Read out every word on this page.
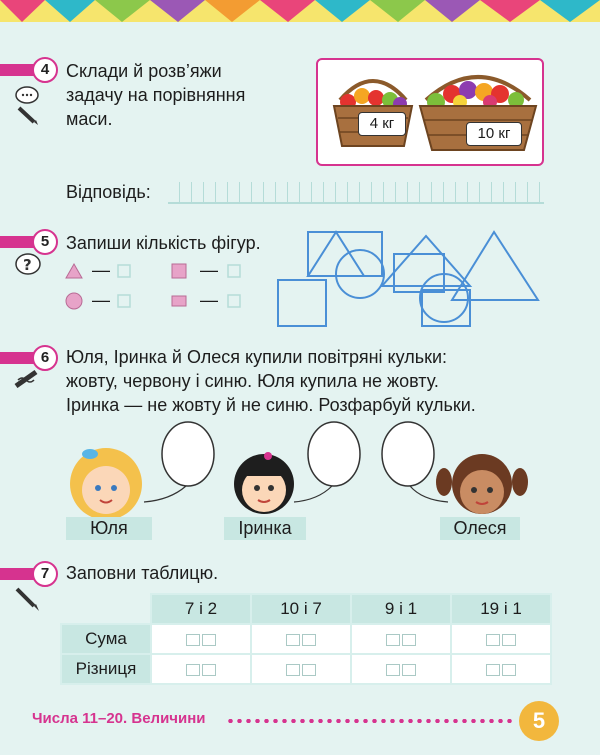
4 Склади й розв’яжи
задачу на порівняння
маси.	4 кг
10 кг
Відповідь:
5
?
Запиши кількість фігур.
—	—
—	—
6 Юля, Іринка й Олеся купили повітряні кульки:
жовту, червону і синю. Юля купила не жовту.
Іринка — не жовту й не синю. Розфарбуй кульки.
Юля	Іринка	Олеся
7 Заповни таблицю.
	7 і 2	10 і 7	9 і 1	19 і 1
Сума				
Різниця				
Числа 11–20. Величини	5
